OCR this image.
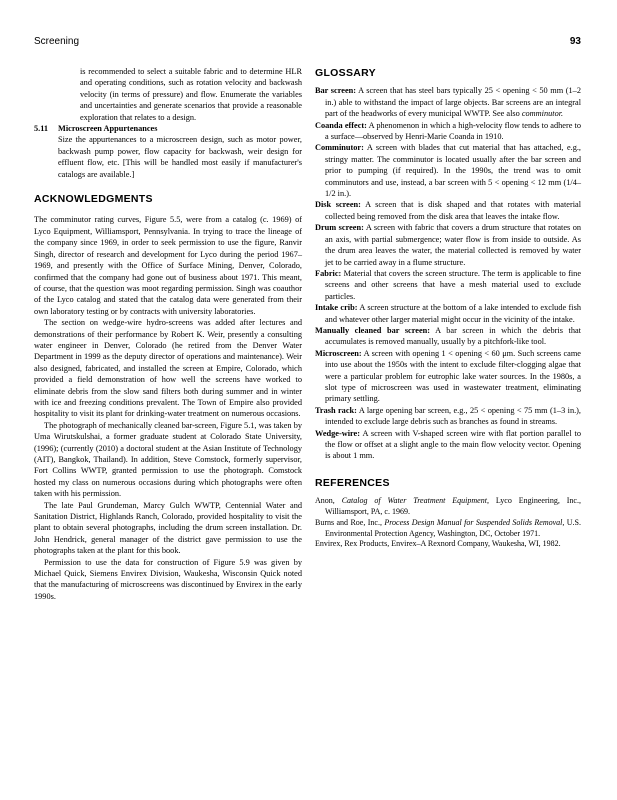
Screening	93

is recommended to select a suitable fabric and to determine HLR and operating conditions, such as rotation velocity and backwash velocity (in terms of pressure) and flow. Enumerate the variables and uncertainties and generate scenarios that provide a reasonable exploration that relates to a design.

5.11 Microscreen Appurtenances

Size the appurtenances to a microscreen design, such as motor power, backwash pump power, flow capacity for backwash, weir design for effluent flow, etc. [This will be handled most easily if manufacturer's catalogs are available.]

ACKNOWLEDGMENTS

The comminutor rating curves, Figure 5.5, were from a catalog (c. 1969) of Lyco Equipment, Williamsport, Pennsylvania. In trying to trace the lineage of the company since 1969, in order to seek permission to use the figure, Ranvir Singh, director of research and development for Lyco during the period 1967–1969, and presently with the Office of Surface Mining, Denver, Colorado, confirmed that the company had gone out of business about 1971. This meant, of course, that the question was moot regarding permission. Singh was coauthor of the Lyco catalog and stated that the catalog data were generated from their own laboratory testing or by contracts with university laboratories.

The section on wedge-wire hydro-screens was added after lectures and demonstrations of their performance by Robert K. Weir, presently a consulting water engineer in Denver, Colorado (he retired from the Denver Water Department in 1999 as the deputy director of operations and maintenance). Weir also designed, fabricated, and installed the screen at Empire, Colorado, which provided a field demonstration of how well the screens have worked to eliminate debris from the slow sand filters both during summer and in winter with ice and freezing conditions prevalent. The Town of Empire also provided hospitality to visit its plant for drinking-water treatment on numerous occasions.

The photograph of mechanically cleaned bar-screen, Figure 5.1, was taken by Uma Wirutskulshai, a former graduate student at Colorado State University, (1996); (currently (2010) a doctoral student at the Asian Institute of Technology (AIT), Bangkok, Thailand). In addition, Steve Comstock, formerly supervisor, Fort Collins WWTP, granted permission to use the photograph. Comstock hosted my class on numerous occasions during which photographs were often taken with his permission.

The late Paul Grundeman, Marcy Gulch WWTP, Centennial Water and Sanitation District, Highlands Ranch, Colorado, provided hospitality to visit the plant to obtain several photographs, including the drum screen installation. Dr. John Hendrick, general manager of the district gave permission to use the photographs taken at the plant for this book.

Permission to use the data for construction of Figure 5.9 was given by Michael Quick, Siemens Envirex Division, Waukesha, Wisconsin Quick noted that the manufacturing of microscreens was discontinued by Envirex in the early 1990s.

GLOSSARY

Bar screen: A screen that has steel bars typically 25 < opening < 50 mm (1–2 in.) able to withstand the impact of large objects. Bar screens are an integral part of the headworks of every municipal WWTP. See also comminutor.

Coanda effect: A phenomenon in which a high-velocity flow tends to adhere to a surface—observed by Henri-Marie Coanda in 1910.

Comminutor: A screen with blades that cut material that has attached, e.g., stringy matter. The comminutor is located usually after the bar screen and prior to pumping (if required). In the 1990s, the trend was to omit comminutors and use, instead, a bar screen with 5 < opening < 12 mm (1/4–1/2 in.).

Disk screen: A screen that is disk shaped and that rotates with material collected being removed from the disk area that leaves the intake flow.

Drum screen: A screen with fabric that covers a drum structure that rotates on an axis, with partial submergence; water flow is from inside to outside. As the drum area leaves the water, the material collected is removed by water jet to be carried away in a flume structure.

Fabric: Material that covers the screen structure. The term is applicable to fine screens and other screens that have a mesh material used to exclude particles.

Intake crib: A screen structure at the bottom of a lake intended to exclude fish and whatever other larger material might occur in the vicinity of the intake.

Manually cleaned bar screen: A bar screen in which the debris that accumulates is removed manually, usually by a pitchfork-like tool.

Microscreen: A screen with opening 1 < opening < 60 μm. Such screens came into use about the 1950s with the intent to exclude filter-clogging algae that were a particular problem for eutrophic lake water sources. In the 1980s, a slot type of microscreen was used in wastewater treatment, eliminating primary settling.

Trash rack: A large opening bar screen, e.g., 25 < opening < 75 mm (1–3 in.), intended to exclude large debris such as branches as found in streams.

Wedge-wire: A screen with V-shaped screen wire with flat portion parallel to the flow or offset at a slight angle to the main flow velocity vector. Opening is about 1 mm.

REFERENCES

Anon, Catalog of Water Treatment Equipment, Lyco Engineering, Inc., Williamsport, PA, c. 1969.

Burns and Roe, Inc., Process Design Manual for Suspended Solids Removal, U.S. Environmental Protection Agency, Washington, DC, October 1971.

Envirex, Rex Products, Envirex–A Rexnord Company, Waukesha, WI, 1982.
